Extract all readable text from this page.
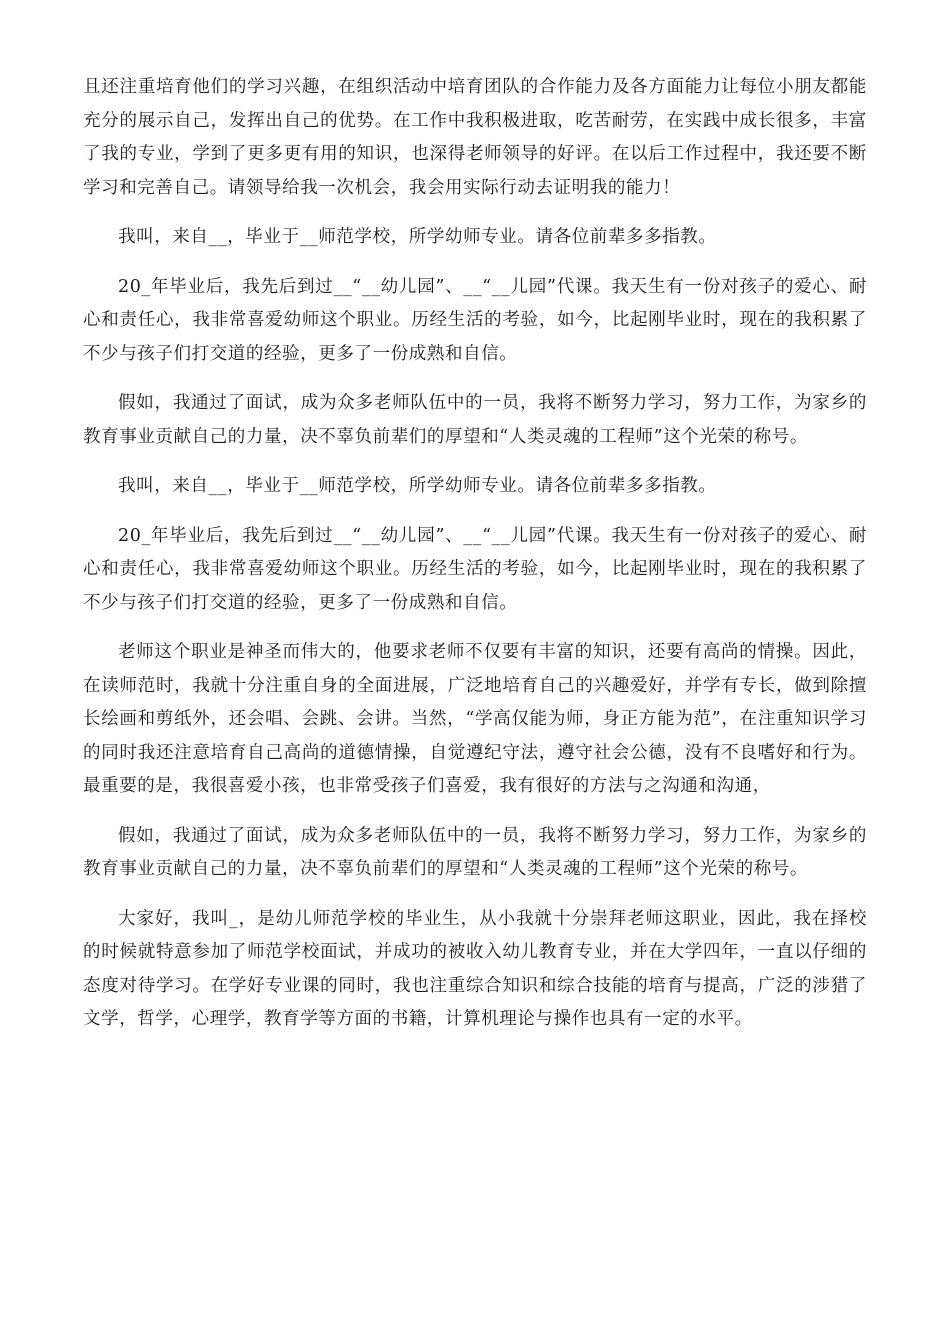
且还注重培育他们的学习兴趣，在组织活动中培育团队的合作能力及各方面能力让每位小朋友都能充分的展示自己，发挥出自己的优势。在工作中我积极进取，吃苦耐劳，在实践中成长很多，丰富了我的专业，学到了更多更有用的知识，也深得老师领导的好评。在以后工作过程中，我还要不断学习和完善自己。请领导给我一次机会，我会用实际行动去证明我的能力！

我叫，来自__，毕业于__师范学校，所学幼师专业。请各位前辈多多指教。

20_年毕业后，我先后到过__“__幼儿园”、__“__儿园”代课。我天生有一份对孩子的爱心、耐心和责任心，我非常喜爱幼师这个职业。历经生活的考验，如今，比起刚毕业时，现在的我积累了不少与孩子们打交道的经验，更多了一份成熟和自信。

假如，我通过了面试，成为众多老师队伍中的一员，我将不断努力学习，努力工作，为家乡的教育事业贡献自己的力量，决不辜负前辈们的厚望和“人类灵魂的工程师”这个光荣的称号。

我叫，来自__，毕业于__师范学校，所学幼师专业。请各位前辈多多指教。

20_年毕业后，我先后到过__“__幼儿园”、__“__儿园”代课。我天生有一份对孩子的爱心、耐心和责任心，我非常喜爱幼师这个职业。历经生活的考验，如今，比起刚毕业时，现在的我积累了不少与孩子们打交道的经验，更多了一份成熟和自信。

老师这个职业是神圣而伟大的，他要求老师不仅要有丰富的知识，还要有高尚的情操。因此，在读师范时，我就十分注重自身的全面进展，广泛地培育自己的兴趣爱好，并学有专长，做到除擅长绘画和剪纸外，还会唱、会跳、会讲。当然，“学高仅能为师，身正方能为范”，在注重知识学习的同时我还注意培育自己高尚的道德情操，自觉遵纪守法，遵守社会公德，没有不良嗜好和行为。最重要的是，我很喜爱小孩，也非常受孩子们喜爱，我有很好的方法与之沟通和沟通，

假如，我通过了面试，成为众多老师队伍中的一员，我将不断努力学习，努力工作，为家乡的教育事业贡献自己的力量，决不辜负前辈们的厚望和“人类灵魂的工程师”这个光荣的称号。

大家好，我叫_，是幼儿师范学校的毕业生，从小我就十分崇拜老师这职业，因此，我在择校的时候就特意参加了师范学校面试，并成功的被收入幼儿教育专业，并在大学四年，一直以仔细的态度对待学习。在学好专业课的同时，我也注重综合知识和综合技能的培育与提高，广泛的涉猎了文学，哲学，心理学，教育学等方面的书籍，计算机理论与操作也具有一定的水平。
